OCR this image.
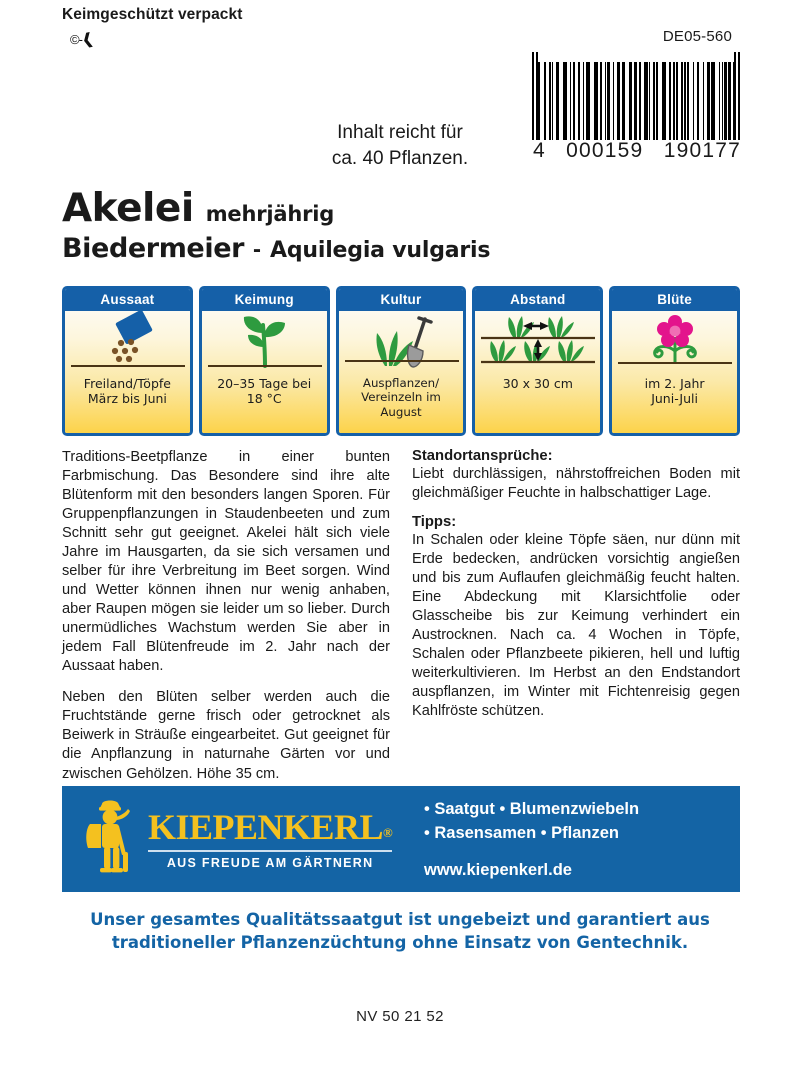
Keimgeschützt verpackt
©-❱ 	DE05-560
4 000159 190177
Inhalt reicht für
ca. 40 Pflanzen.
Akelei mehrjährig
Biedermeier - Aquilegia vulgaris
Aussaat
Freiland/Töpfe
März bis Juni
Keimung
20–35 Tage bei
18 °C
Kultur
Auspflanzen/
Vereinzeln im
August
Abstand
30 x 30 cm
Blüte
im 2. Jahr
Juni-Juli

Traditions-Beetpflanze in einer bunten Farbmischung. Das Besondere sind ihre alte Blütenform mit den besonders langen Sporen. Für Gruppenpflanzungen in Staudenbeeten und zum Schnitt sehr gut geeignet. Akelei hält sich viele Jahre im Hausgarten, da sie sich versamen und selber für ihre Verbreitung im Beet sorgen. Wind und Wetter können ihnen nur wenig anhaben, aber Raupen mögen sie leider um so lieber. Durch unermüdliches Wachstum werden Sie aber in jedem Fall Blütenfreude im 2. Jahr nach der Aussaat haben.

Neben den Blüten selber werden auch die Fruchtstände gerne frisch oder getrocknet als Beiwerk in Sträuße eingearbeitet. Gut geeignet für die Anpflanzung in naturnahe Gärten vor und zwischen Gehölzen. Höhe 35 cm.

Standortansprüche:

Liebt durchlässigen, nährstoffreichen Boden mit gleichmäßiger Feuchte in halbschattiger Lage.

Tipps:

In Schalen oder kleine Töpfe säen, nur dünn mit Erde bedecken, andrücken vorsichtig angießen und bis zum Auflaufen gleichmäßig feucht halten. Eine Abdeckung mit Klarsichtfolie oder Glasscheibe bis zur Keimung verhindert ein Austrocknen. Nach ca. 4 Wochen in Töpfe, Schalen oder Pflanzbeete pikieren, hell und luftig weiterkultivieren. Im Herbst an den Endstandort auspflanzen, im Winter mit Fichtenreisig gegen Kahlfröste schützen.

KIEPENKERL®
AUS FREUDE AM GÄRTNERN
• Saatgut • Blumenzwiebeln
• Rasensamen • Pflanzen
www.kiepenkerl.de
Unser gesamtes Qualitätssaatgut ist ungebeizt und garantiert aus
traditioneller Pflanzenzüchtung ohne Einsatz von Gentechnik.
NV 50 21 52
